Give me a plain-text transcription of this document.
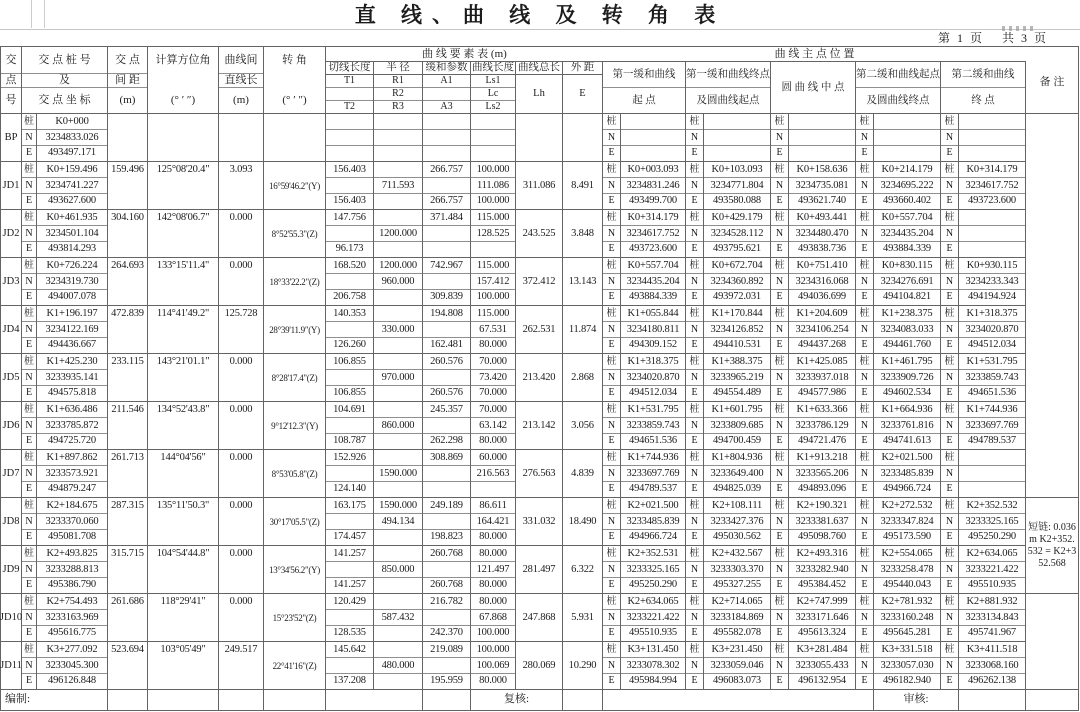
直 线、曲 线 及 转 角 表
第 1 页 共 3 页
交
点
号
交 点 桩 号
及
交 点 坐 标
交 点
间 距
(m)
计算方位角
(° ′ ″)
曲线间
直线长
(m)
转 角
(° ′ ″)
曲 线 要 素 表 (m)
切线长度	半 径	缓和参数 曲线长度 曲线总长	外 距
T1
T2
R1
R2
R3
A1
A3
Ls1
Lc
Ls2
Lh	E
曲 线 主 点 位 置
第一缓和曲线
起 点
第一缓和曲线终点
及圆曲线起点
圆 曲 线 中 点
第二缓和曲线起点
及圆曲线终点
第二缓和曲线
终 点
备 注
短链: 0.036m K2+352.532 = K2+352.568
BP
桩
N
E
K0+000
3234833.026
493497.171
桩
N
E
桩
N
E
桩
N
E
桩
N
E
桩
N
E
JD1
桩
N
E
K0+159.496
3234741.227
493627.600
159.496	125°08'20.4"	3.093
16°59'46.2"(Y)
156.403
156.403
711.593
266.757
266.757
100.000
111.086
100.000
311.086	8.491
桩
N
E
K0+003.093
3234831.246
493499.700
桩
N
E
K0+103.093
3234771.804
493580.088
桩
N
E
K0+158.636
3234735.081
493621.740
桩
N
E
K0+214.179
3234695.222
493660.402
桩
N
E
K0+314.179
3234617.752
493723.600
JD2
桩
N
E
K0+461.935
3234501.104
493814.293
304.160	142°08'06.7"	0.000
8°52'55.3"(Z)
147.756
96.173
1200.000
371.484	115.000
128.525	243.525	3.848
桩
N
E
K0+314.179
3234617.752
493723.600
桩
N
E
K0+429.179
3234528.112
493795.621
桩
N
E
K0+493.441
3234480.470
493838.736
桩
N
E
K0+557.704
3234435.204
493884.339
桩
N
E
JD3
桩
N
E
K0+726.224
3234319.730
494007.078
264.693	133°15'11.4"	0.000
18°33'22.2"(Z)
168.520
206.758
1200.000
960.000
742.967
309.839
115.000
157.412
100.000
372.412	13.143
桩
N
E
K0+557.704
3234435.204
493884.339
桩
N
E
K0+672.704
3234360.892
493972.031
桩
N
E
K0+751.410
3234316.068
494036.699
桩
N
E
K0+830.115
3234276.691
494104.821
桩
N
E
K0+930.115
3234233.343
494194.924
JD4
桩
N
E
K1+196.197
3234122.169
494436.667
472.839	114°41'49.2"	125.728
28°39'11.9"(Y)
140.353
126.260
330.000
194.808
162.481
115.000
67.531
80.000
262.531	11.874
桩
N
E
K1+055.844
3234180.811
494309.152
桩
N
E
K1+170.844
3234126.852
494410.531
桩
N
E
K1+204.609
3234106.254
494437.268
桩
N
E
K1+238.375
3234083.033
494461.760
桩
N
E
K1+318.375
3234020.870
494512.034
JD5
桩
N
E
K1+425.230
3233935.141
494575.818
233.115	143°21'01.1"	0.000
8°28'17.4"(Z)
106.855
106.855
970.000
260.576
260.576
70.000
73.420
70.000
213.420	2.868
桩
N
E
K1+318.375
3234020.870
494512.034
桩
N
E
K1+388.375
3233965.219
494554.489
桩
N
E
K1+425.085
3233937.018
494577.986
桩
N
E
K1+461.795
3233909.726
494602.534
桩
N
E
K1+531.795
3233859.743
494651.536
JD6
桩
N
E
K1+636.486
3233785.872
494725.720
211.546	134°52'43.8"	0.000
9°12'12.3"(Y)
104.691
108.787
860.000
245.357
262.298
70.000
63.142
80.000
213.142	3.056
桩
N
E
K1+531.795
3233859.743
494651.536
桩
N
E
K1+601.795
3233809.685
494700.459
桩
N
E
K1+633.366
3233786.129
494721.476
桩
N
E
K1+664.936
3233761.816
494741.613
桩
N
E
K1+744.936
3233697.769
494789.537
JD7
桩
N
E
K1+897.862
3233573.921
494879.247
261.713	144°04'56"	0.000
8°53'05.8"(Z)
152.926
124.140
1590.000
308.869	60.000
216.563	276.563	4.839
桩
N
E
K1+744.936
3233697.769
494789.537
桩
N
E
K1+804.936
3233649.400
494825.039
桩
N
E
K1+913.218
3233565.206
494893.096
桩
N
E
K2+021.500
3233485.839
494966.724
桩
N
E
JD8
桩
N
E
K2+184.675
3233370.060
495081.708
287.315	135°11'50.3"	0.000
30°17'05.5"(Z)
163.175
174.457
1590.000
494.134
249.189
198.823
86.611
164.421
80.000
331.032	18.490
桩
N
E
K2+021.500
3233485.839
494966.724
桩
N
E
K2+108.111
3233427.376
495030.562
桩
N
E
K2+190.321
3233381.637
495098.760
桩
N
E
K2+272.532
3233347.824
495173.590
桩
N
E
K2+352.532
3233325.165
495250.290
JD9
桩
N
E
K2+493.825
3233288.813
495386.790
315.715	104°54'44.8"	0.000
13°34'56.2"(Y)
141.257
141.257
850.000
260.768
260.768
80.000
121.497
80.000
281.497	6.322
桩
N
E
K2+352.531
3233325.165
495250.290
桩
N
E
K2+432.567
3233303.370
495327.255
桩
N
E
K2+493.316
3233282.940
495384.452
桩
N
E
K2+554.065
3233258.478
495440.043
桩
N
E
K2+634.065
3233221.422
495510.935
JD10
桩
N
E
K2+754.493
3233163.969
495616.775
261.686	118°29'41"	0.000
15°23'52"(Z)
120.429
128.535
587.432
216.782
242.370
80.000
67.868
100.000
247.868	5.931
桩
N
E
K2+634.065
3233221.422
495510.935
桩
N
E
K2+714.065
3233184.869
495582.078
桩
N
E
K2+747.999
3233171.646
495613.324
桩
N
E
K2+781.932
3233160.248
495645.281
桩
N
E
K2+881.932
3233134.843
495741.967
JD11
桩
N
E
K3+277.092
3233045.300
496126.848
523.694	103°05'49"	249.517
22°41'16"(Z)
145.642
137.208
480.000
219.089
195.959
100.000
100.069
80.000
280.069	10.290
桩
N
E
K3+131.450
3233078.302
495984.994
桩
N
E
K3+231.450
3233059.046
496083.073
桩
N
E
K3+281.484
3233055.433
496132.954
桩
N
E
K3+331.518
3233057.030
496182.940
桩
N
E
K3+411.518
3233068.160
496262.138
编制:	复核:	审核:
